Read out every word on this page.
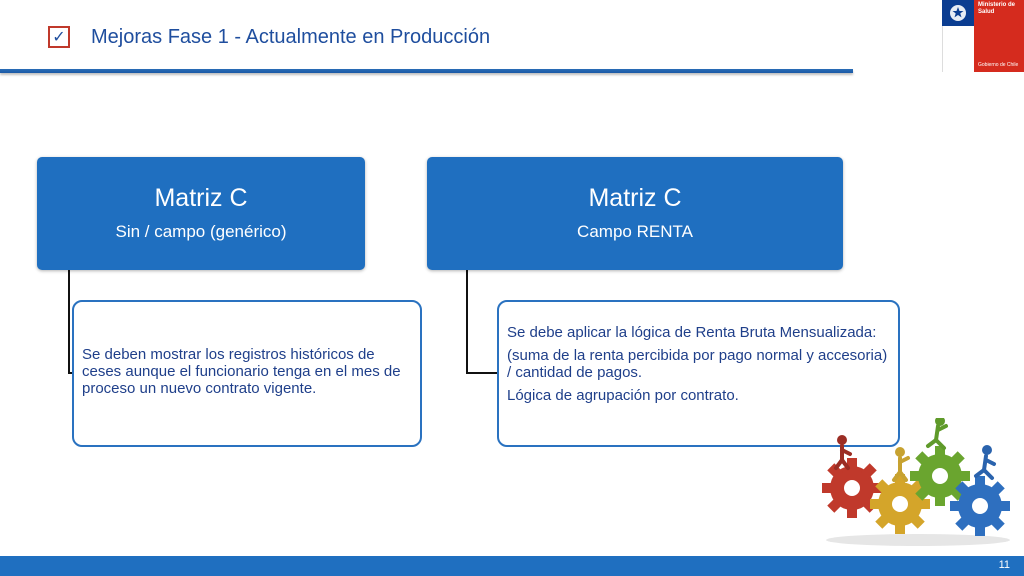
✓ Mejoras Fase 1 - Actualmente en Producción
Ministerio de Salud
Gobierno de Chile
Matriz C
Sin / campo (genérico)
Se deben mostrar los registros históricos de ceses aunque el funcionario tenga en el mes de proceso un nuevo contrato vigente.
Matriz C
Campo RENTA
Se debe aplicar la lógica de Renta Bruta Mensualizada:
(suma de la renta percibida por pago normal y accesoria) / cantidad de pagos.
Lógica de agrupación por contrato.
11
